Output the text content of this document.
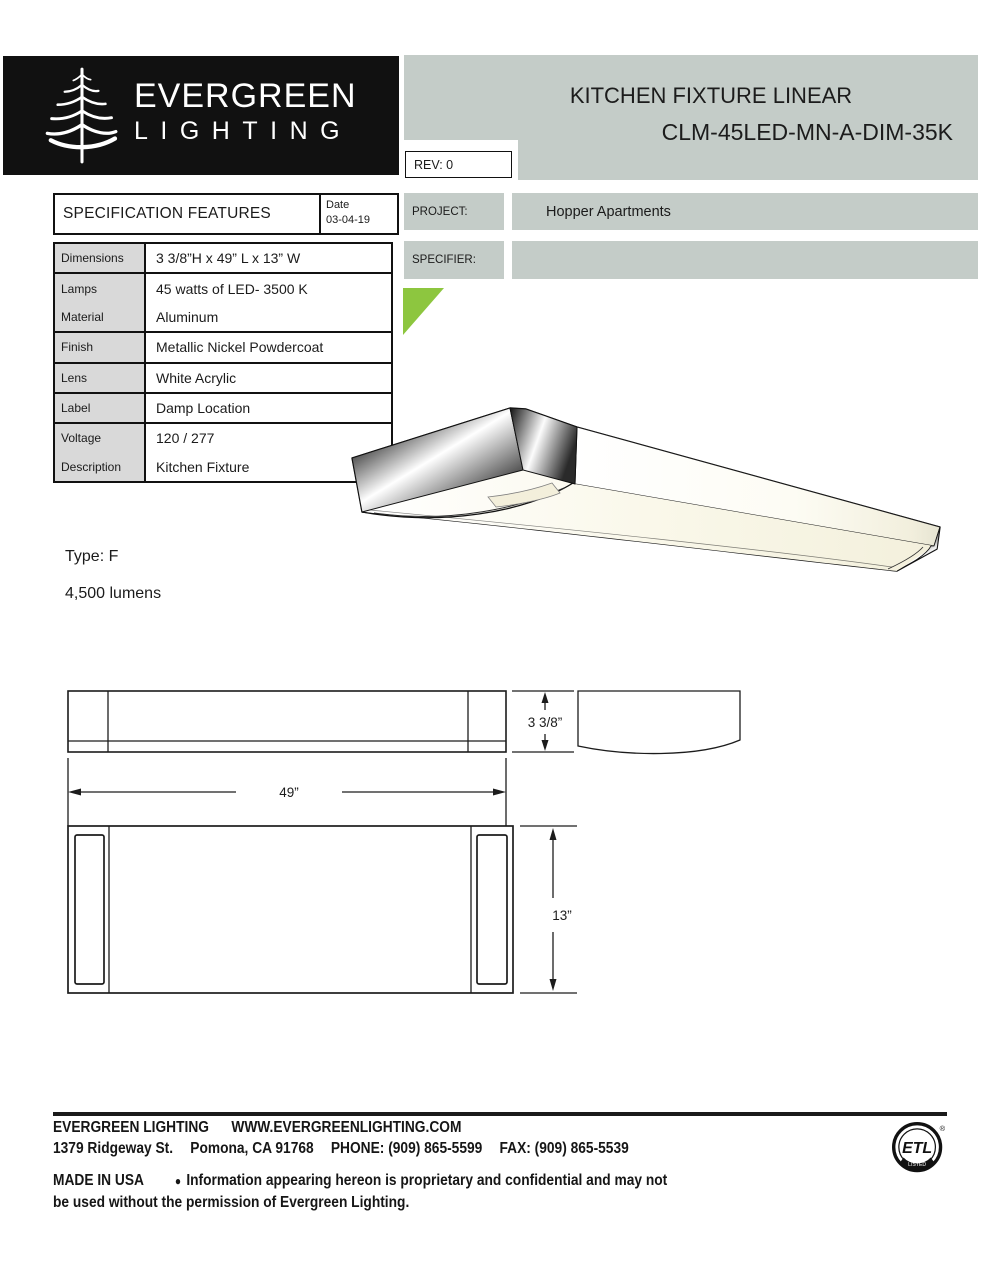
EVERGREEN
LIGHTING
KITCHEN FIXTURE LINEAR
CLM-45LED-MN-A-DIM-35K
REV: 0
PROJECT:	Hopper Apartments
SPECIFIER:
SPECIFICATION FEATURES	Date
03-04-19
Dimensions	3 3/8”H x 49” L x 13” W
Lamps	45 watts of LED- 3500 K
Material	Aluminum
Finish	Metallic Nickel Powdercoat
Lens	White Acrylic
Label	Damp Location
Voltage	120 / 277
Description	Kitchen Fixture
Type: F
4,500 lumens
3 3/8”
49”
13”
EVERGREEN LIGHTING WWW.EVERGREENLIGHTING.COM
1379 Ridgeway St. Pomona, CA 91768 PHONE: (909) 865-5599 FAX: (909) 865-5539	ETL
LISTED
®
MADE IN USA	● Information appearing hereon is proprietary and confidential and may not
be used without the permission of Evergreen Lighting.
